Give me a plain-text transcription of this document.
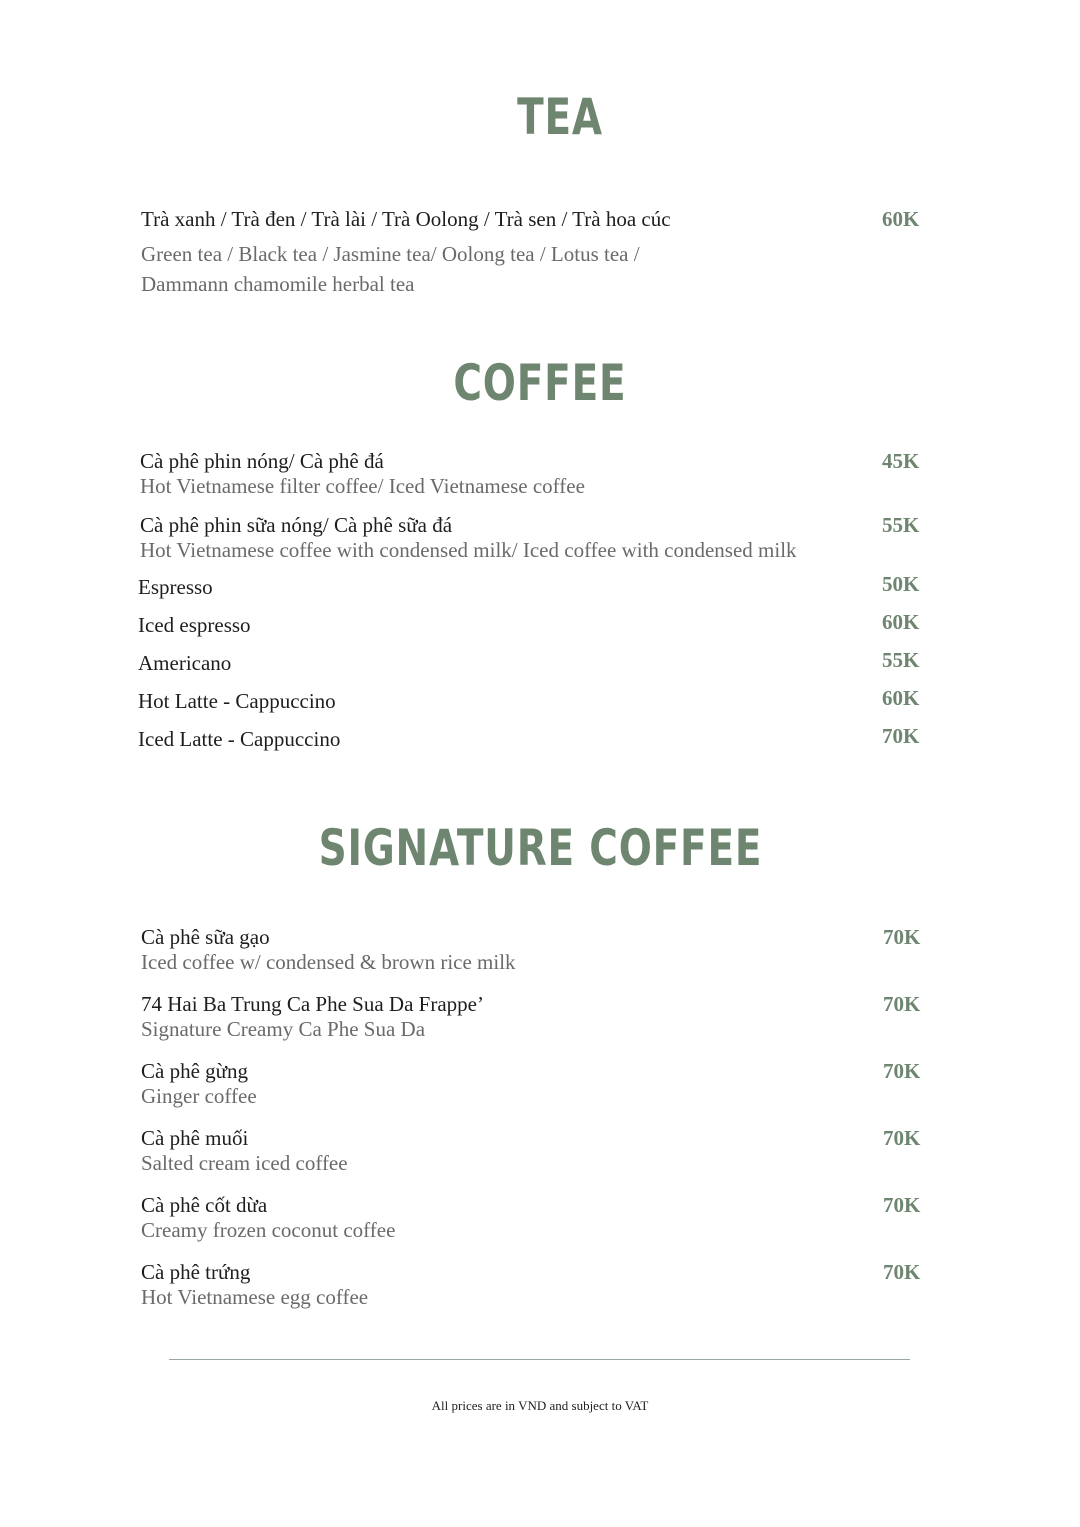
TEA
Trà xanh / Trà đen / Trà lài / Trà Oolong / Trà sen / Trà hoa cúc	60K
Green tea / Black tea / Jasmine tea/ Oolong tea / Lotus tea /
Dammann chamomile herbal tea
COFFEE
Cà phê phin nóng/ Cà phê đá
Hot Vietnamese filter coffee/ Iced Vietnamese coffee
45K
Cà phê phin sữa nóng/ Cà phê sữa đá
Hot Vietnamese coffee with condensed milk/ Iced coffee with condensed milk
55K
Espresso	50K
Iced espresso	60K
Americano	55K
Hot Latte - Cappuccino	60K
Iced Latte - Cappuccino	70K
SIGNATURE COFFEE
Cà phê sữa gạo
Iced coffee w/ condensed & brown rice milk
70K
74 Hai Ba Trung Ca Phe Sua Da Frappe’
Signature Creamy Ca Phe Sua Da
70K
Cà phê gừng
Ginger coffee
70K
Cà phê muối
Salted cream iced coffee
70K
Cà phê cốt dừa
Creamy frozen coconut coffee
70K
Cà phê trứng
Hot Vietnamese egg coffee
70K
All prices are in VND and subject to VAT
